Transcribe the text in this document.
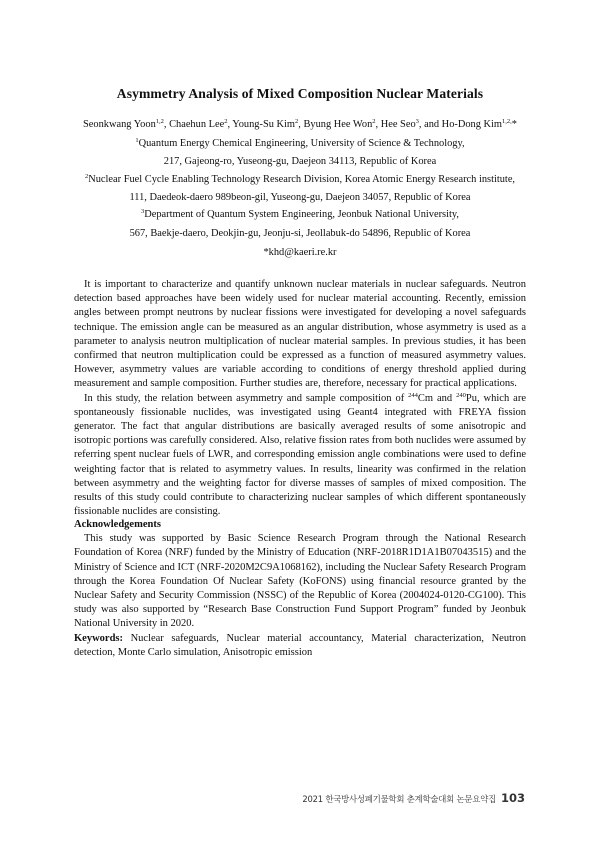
Asymmetry Analysis of Mixed Composition Nuclear Materials
Seonkwang Yoon$^{1,2}$, Chaehun Lee$^2$, Young-Su Kim$^2$, Byung Hee Won$^2$, Hee Seo$^3$, and Ho-Dong Kim$^{1,2,}$*
$^1$Quantum Energy Chemical Engineering, University of Science & Technology,
217, Gajeong-ro, Yuseong-gu, Daejeon 34113, Republic of Korea
$^2$Nuclear Fuel Cycle Enabling Technology Research Division, Korea Atomic Energy Research institute,
111, Daedeok-daero 989beon-gil, Yuseong-gu, Daejeon 34057, Republic of Korea
$^3$Department of Quantum System Engineering, Jeonbuk National University,
567, Baekje-daero, Deokjin-gu, Jeonju-si, Jeollabuk-do 54896, Republic of Korea
*khd@kaeri.re.kr

It is important to characterize and quantify unknown nuclear materials in nuclear safeguards. Neutron detection based approaches have been widely used for nuclear material accounting. Recently, emission angles between prompt neutrons by nuclear fissions were investigated for developing a novel safeguards technique. The emission angle can be measured as an angular distribution, whose asymmetry is used as a parameter to analysis neutron multiplication of nuclear material samples. In previous studies, it has been confirmed that neutron multiplication could be expressed as a function of measured asymmetry values. However, asymmetry values are variable according to conditions of energy threshold applied during measurement and sample composition. Further studies are, therefore, necessary for practical applications.

In this study, the relation between asymmetry and sample composition of $^{244}$Cm and $^{240}$Pu, which are spontaneously fissionable nuclides, was investigated using Geant4 integrated with FREYA fission generator. The fact that angular distributions are basically averaged results of some anisotropic and isotropic portions was carefully considered. Also, relative fission rates from both nuclides were assumed by referring spent nuclear fuels of LWR, and corresponding emission angle combinations were used to define weighting factor that is related to asymmetry values. In results, linearity was confirmed in the relation between asymmetry and the weighting factor for diverse masses of samples of mixed composition. The results of this study could contribute to characterizing nuclear samples of which different spontaneously fissionable nuclides are consisting.

Acknowledgements

This study was supported by Basic Science Research Program through the National Research Foundation of Korea (NRF) funded by the Ministry of Education (NRF-2018R1D1A1B07043515) and the Ministry of Science and ICT (NRF-2020M2C9A1068162), including the Nuclear Safety Research Program through the Korea Foundation Of Nuclear Safety (KoFONS) using financial resource granted by the Nuclear Safety and Security Commission (NSSC) of the Republic of Korea (2004024-0120-CG100). This study was also supported by “Research Base Construction Fund Support Program” funded by Jeonbuk National University in 2020.

Keywords: Nuclear safeguards, Nuclear material accountancy, Material characterization, Neutron detection, Monte Carlo simulation, Anisotropic emission

2021 한국방사성폐기물학회 춘계학술대회 논문요약집 103
